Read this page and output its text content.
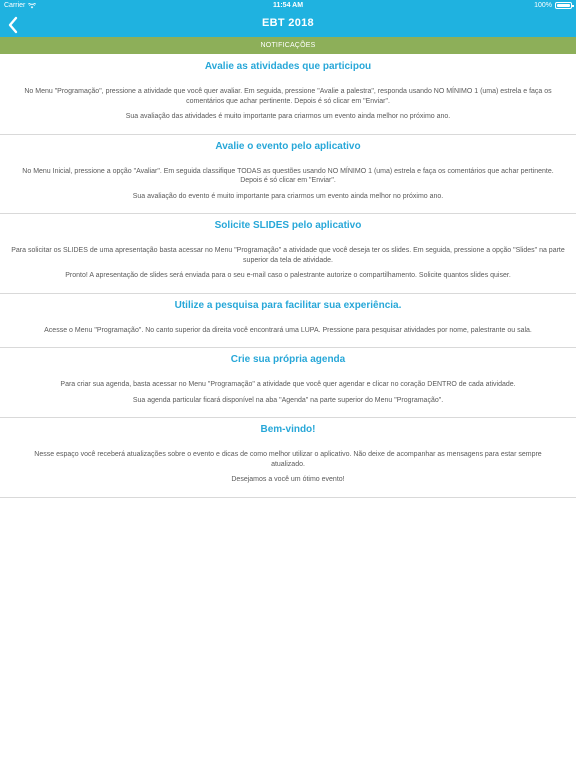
Carrier	11:54 AM	100%
EBT 2018
NOTIFICAÇÕES
Avalie as atividades que participou

No Menu "Programação", pressione a atividade que você quer avaliar. Em seguida, pressione "Avalie a palestra", responda usando NO MÍNIMO 1 (uma) estrela e faça os comentários que achar pertinente. Depois é só clicar em "Enviar".

Sua avaliação das atividades é muito importante para criarmos um evento ainda melhor no próximo ano.

Avalie o evento pelo aplicativo

No Menu Inicial, pressione a opção "Avaliar". Em seguida classifique TODAS as questões usando NO MÍNIMO 1 (uma) estrela e faça os comentários que achar pertinente. Depois é só clicar em "Enviar".

Sua avaliação do evento é muito importante para criarmos um evento ainda melhor no próximo ano.

Solicite SLIDES pelo aplicativo

Para solicitar os SLIDES de uma apresentação basta acessar no Menu "Programação" a atividade que você deseja ter os slides. Em seguida, pressione a opção "Slides" na parte superior da tela de atividade.

Pronto! A apresentação de slides será enviada para o seu e-mail caso o palestrante autorize o compartilhamento. Solicite quantos slides quiser.

Utilize a pesquisa para facilitar sua experiência.

Acesse o Menu "Programação". No canto superior da direita você encontrará uma LUPA. Pressione para pesquisar atividades por nome, palestrante ou sala.

Crie sua própria agenda

Para criar sua agenda, basta acessar no Menu "Programação" a atividade que você quer agendar e clicar no coração DENTRO de cada atividade.

Sua agenda particular ficará disponível na aba "Agenda" na parte superior do Menu "Programação".

Bem-vindo!

Nesse espaço você receberá atualizações sobre o evento e dicas de como melhor utilizar o aplicativo. Não deixe de acompanhar as mensagens para estar sempre atualizado.

Desejamos a você um ótimo evento!
